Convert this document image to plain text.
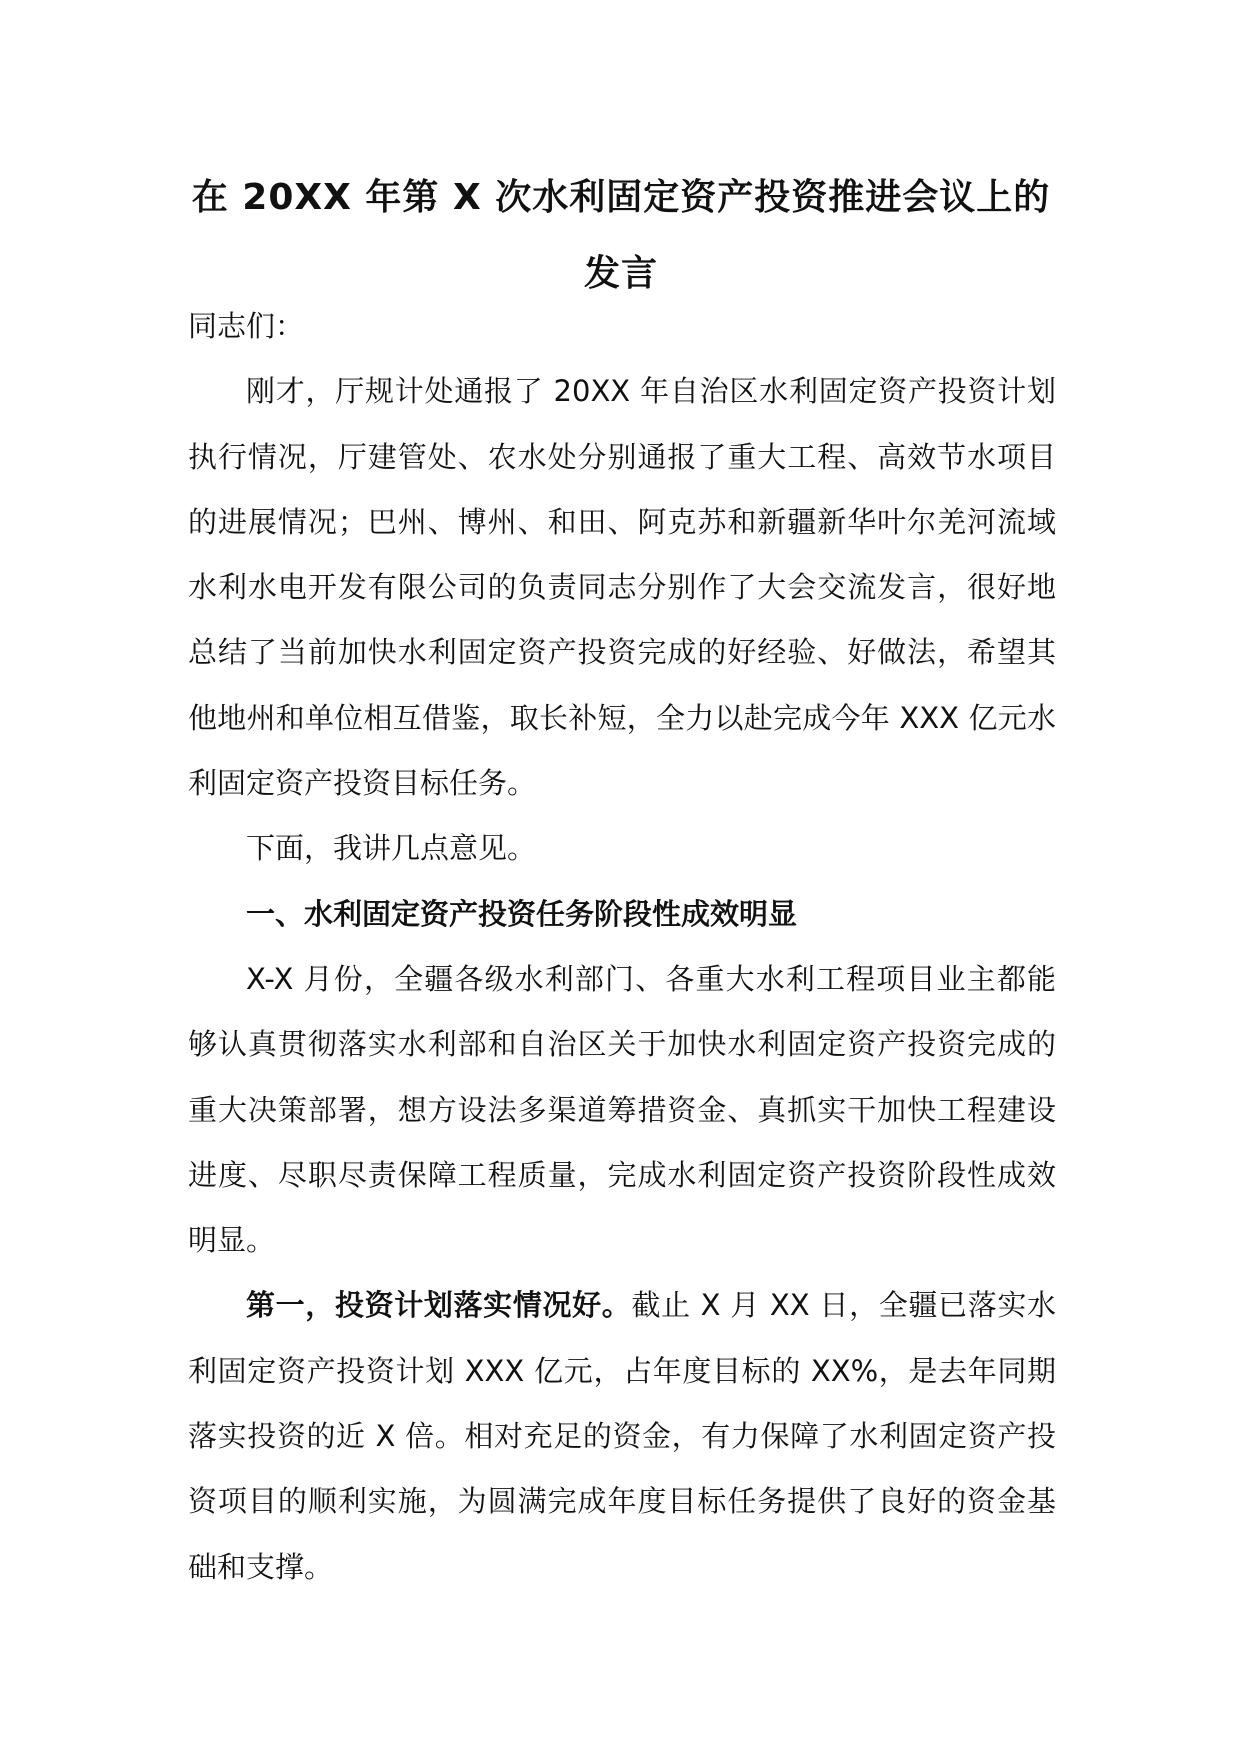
在 20XX 年第 X 次水利固定资产投资推进会议上的发言

同志们：

刚才，厅规计处通报了 20XX 年自治区水利固定资产投资计划执行情况，厅建管处、农水处分别通报了重大工程、高效节水项目的进展情况；巴州、博州、和田、阿克苏和新疆新华叶尔羌河流域水利水电开发有限公司的负责同志分别作了大会交流发言，很好地总结了当前加快水利固定资产投资完成的好经验、好做法，希望其他地州和单位相互借鉴，取长补短，全力以赴完成今年 XXX 亿元水利固定资产投资目标任务。

下面，我讲几点意见。

一、水利固定资产投资任务阶段性成效明显

X-X 月份，全疆各级水利部门、各重大水利工程项目业主都能够认真贯彻落实水利部和自治区关于加快水利固定资产投资完成的重大决策部署，想方设法多渠道筹措资金、真抓实干加快工程建设进度、尽职尽责保障工程质量，完成水利固定资产投资阶段性成效明显。

第一，投资计划落实情况好。截止 X 月 XX 日，全疆已落实水利固定资产投资计划 XXX 亿元，占年度目标的 XX%，是去年同期落实投资的近 X 倍。相对充足的资金，有力保障了水利固定资产投资项目的顺利实施，为圆满完成年度目标任务提供了良好的资金基础和支撑。
